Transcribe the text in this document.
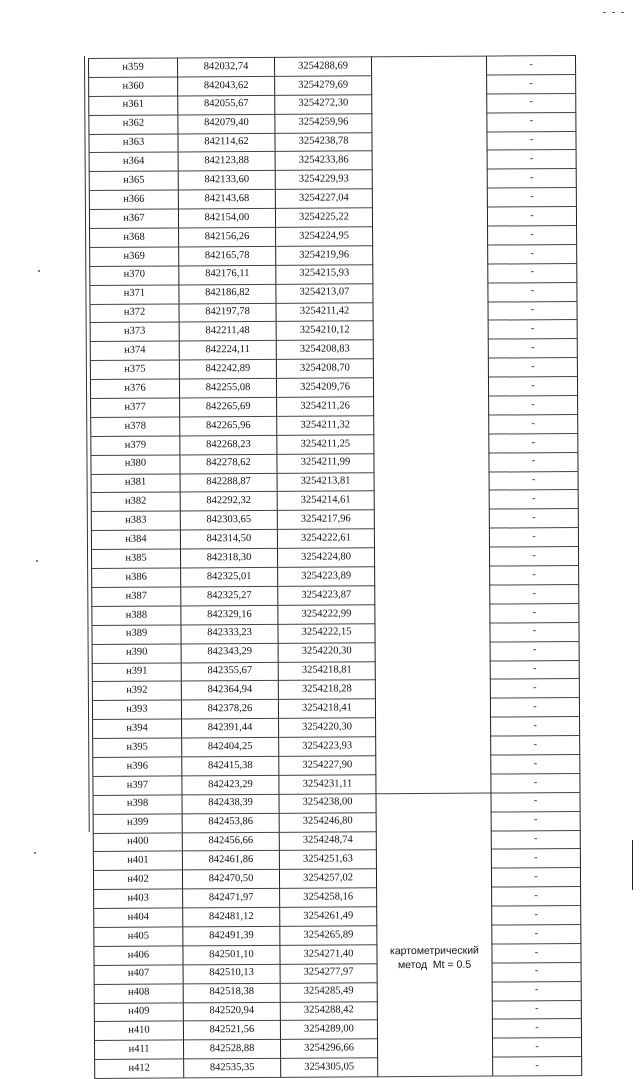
н359	842032,74	3254288,69		-
н360	842043,62	3254279,69		-
н361	842055,67	3254272,30		-
н362	842079,40	3254259,96		-
н363	842114,62	3254238,78		-
н364	842123,88	3254233,86		-
н365	842133,60	3254229,93		-
н366	842143,68	3254227,04		-
н367	842154,00	3254225,22		-
н368	842156,26	3254224,95		-
н369	842165,78	3254219,96		-
н370	842176,11	3254215,93		-
н371	842186,82	3254213,07		-
н372	842197,78	3254211,42		-
н373	842211,48	3254210,12		-
н374	842224,11	3254208,83		-
н375	842242,89	3254208,70		-
н376	842255,08	3254209,76		-
н377	842265,69	3254211,26		-
н378	842265,96	3254211,32		-
н379	842268,23	3254211,25		-
н380	842278,62	3254211,99		-
н381	842288,87	3254213,81		-
н382	842292,32	3254214,61		-
н383	842303,65	3254217,96		-
н384	842314,50	3254222,61		-
н385	842318,30	3254224,80		-
н386	842325,01	3254223,89		-
н387	842325,27	3254223,87		-
н388	842329,16	3254222,99		-
н389	842333,23	3254222,15		-
н390	842343,29	3254220,30		-
н391	842355,67	3254218,81		-
н392	842364,94	3254218,28		-
н393	842378,26	3254218,41		-
н394	842391,44	3254220,30		-
н395	842404,25	3254223,93		-
н396	842415,38	3254227,90		-
н397	842423,29	3254231,11		-
н398	842438,39	3254238,00	картометрический
метод  Mt = 0.5	-
н399	842453,86	3254246,80		-
н400	842456,66	3254248,74		-
н401	842461,86	3254251,63		-
н402	842470,50	3254257,02		-
н403	842471,97	3254258,16		-
н404	842481,12	3254261,49		-
н405	842491,39	3254265,89		-
н406	842501,10	3254271,40		-
н407	842510,13	3254277,97		-
н408	842518,38	3254285,49		-
н409	842520,94	3254288,42		-
н410	842521,56	3254289,00		-
н411	842528,88	3254296,66		-
н412	842535,35	3254305,05		-
